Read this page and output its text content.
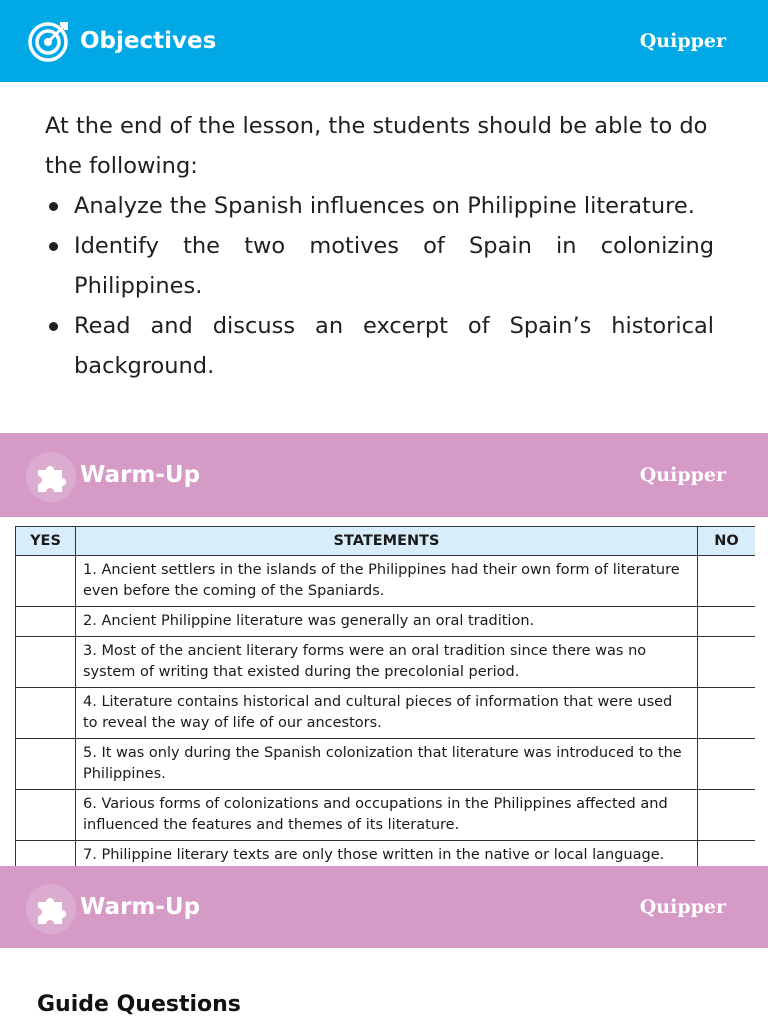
Objectives	Quipper

At the end of the lesson, the students should be able to do the following:

Analyze the Spanish influences on Philippine literature.
Identify the two motives of Spain in colonizing Philippines.
Read and discuss an excerpt of Spain’s historical background.
Warm-Up	Quipper
YES	STATEMENTS	NO
	1. Ancient settlers in the islands of the Philippines had their own form of literature even before the coming of the Spaniards.	
	2. Ancient Philippine literature was generally an oral tradition.	
	3. Most of the ancient literary forms were an oral tradition since there was no system of writing that existed during the precolonial period.	
	4. Literature contains historical and cultural pieces of information that were used to reveal the way of life of our ancestors.	
	5. It was only during the Spanish colonization that literature was introduced to the Philippines.	
	6. Various forms of colonizations and occupations in the Philippines affected and influenced the features and themes of its literature.	
	7. Philippine literary texts are only those written in the native or local language.	
Warm-Up	Quipper
Guide Questions
